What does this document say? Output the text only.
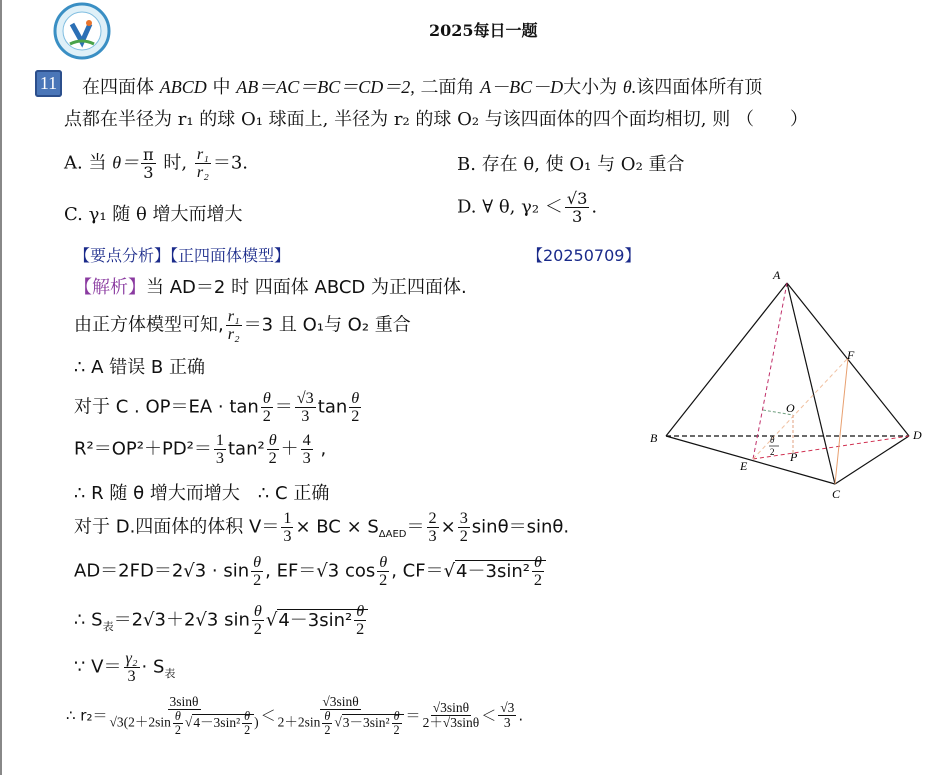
2025每日一题
11 在四面体 ABCD 中 AB＝AC＝BC＝CD＝2, 二面角 A－BC－D大小为 θ.该四面体所有顶
点都在半径为 r₁ 的球 O₁ 球面上, 半径为 r₂ 的球 O₂ 与该四面体的四个面均相切, 则 （　　）
A. 当 $\theta= \frac{\pi}{3}$ 时, $\frac{\text{r₁}}{\text{r₂}} =3$.	B. 存在 θ, 使 O₁ 与 O₂ 重合
C. γ₁ 随 θ 增大而增大	D. ∀ θ, $\gamma_2 < \frac{√3}{3}$ .
【要点分析】【正四面体模型】	【20250709】
【解析】当 AD＝2 时 四面体 ABCD 为正四面体.
由正方体模型可知, $\frac{\text{r₁}}{\text{r₂}} =3$ 且 O₁与 O₂ 重合
∴ A 错误 B 正确
对于 C . $OP=EA \cdot \tan \frac{\theta}{2} = \frac{√3}{3}$ $\tan \frac{\theta}{2}$
$R^2=OP^2+PD^2= \frac{1}{3} \tan^2 \frac{\theta}{2} + \frac{4}{3}$ ,
∴ R 随 θ 增大而增大　∴ C 正确
对于 D.四面体的体积 $V= \frac{1}{3}$ × BC × $S_{\Delta AED}= \frac{2}{3} \times \frac{3}{2} \sin\theta=\sin\theta$.
$AD=2FD=2√3 \cdot \sin \frac{\theta}{2}$ , EF＝√3 $\cos \frac{\theta}{2}$ , $CF=√4-3\sin^2 \frac{\theta}{2}$
∴ $S_表=2√3+2√3$ $\sin \frac{\theta}{2} √4-3\sin^2 \frac{\theta}{2}$
∵ $V= \frac{\text{γ₂}}{3} \cdot S_表$
∴ $r_2= \frac{3\sin\theta}{√3(2+2\sin \frac{\theta}{2} √4-3\sin^2 \frac{\theta}{2} )} < \frac{√3\sin\theta}{2+2\sin \frac{\theta}{2} √3-3\sin^2 \frac{\theta}{2}} = \frac{√3\sin\theta}{2+√3\sin\theta} < \frac{√3}{3}$ .
A
B
C
D
E
F
O
P
θ
2
